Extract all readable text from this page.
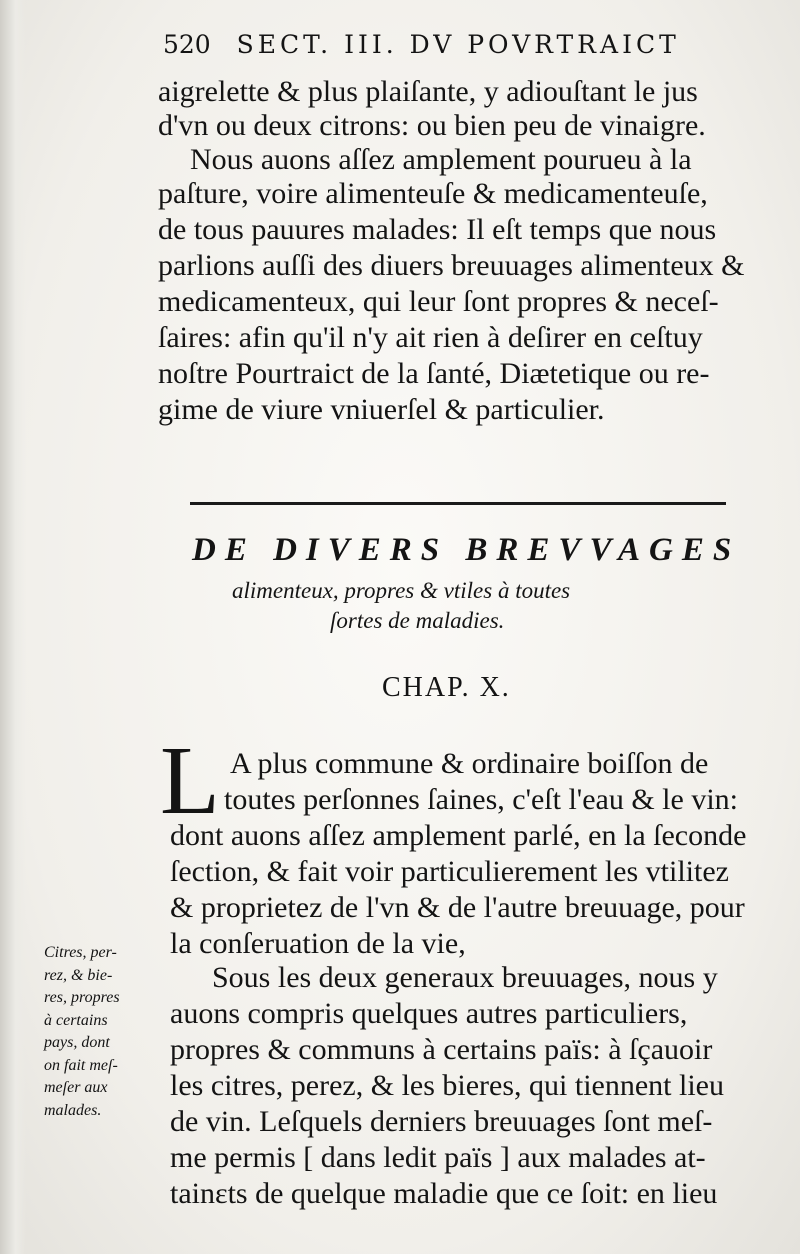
520 SECT. III. DV POVRTRAICT
aigrelette & plus plaiſante, y adiouſtant le jus
d'vn ou deux citrons: ou bien peu de vinaigre.
Nous auons aſſez amplement pourueu à la
paſture, voire alimenteuſe & medicamenteuſe,
de tous pauures malades: Il eſt temps que nous
parlions auſſi des diuers breuuages alimenteux &
medicamenteux, qui leur ſont propres & neceſ-
ſaires: afin qu'il n'y ait rien à deſirer en ceſtuy
noſtre Pourtraict de la ſanté, Diætetique ou re-
gime de viure vniuerſel & particulier.
DE DIVERS BREVVAGES
alimenteux, propres & vtiles à toutes
ſortes de maladies.
CHAP. X.
L A plus commune & ordinaire boiſſon de
toutes perſonnes ſaines, c'eſt l'eau & le vin:
dont auons aſſez amplement parlé, en la ſeconde
ſection, & fait voir particulierement les vtilitez
& proprietez de l'vn & de l'autre breuuage, pour
la conſeruation de la vie,
Sous les deux generaux breuuages, nous y
auons compris quelques autres particuliers,
propres & communs à certains païs: à ſçauoir
les citres, perez, & les bieres, qui tiennent lieu
de vin. Leſquels derniers breuuages ſont meſ-
me permis [ dans ledit païs ] aux malades at-
tainɛts de quelque maladie que ce ſoit: en lieu
Citres, per-
rez, & bie-
res, propres
à certains
pays, dont
on fait meſ-
meſer aux
malades.
